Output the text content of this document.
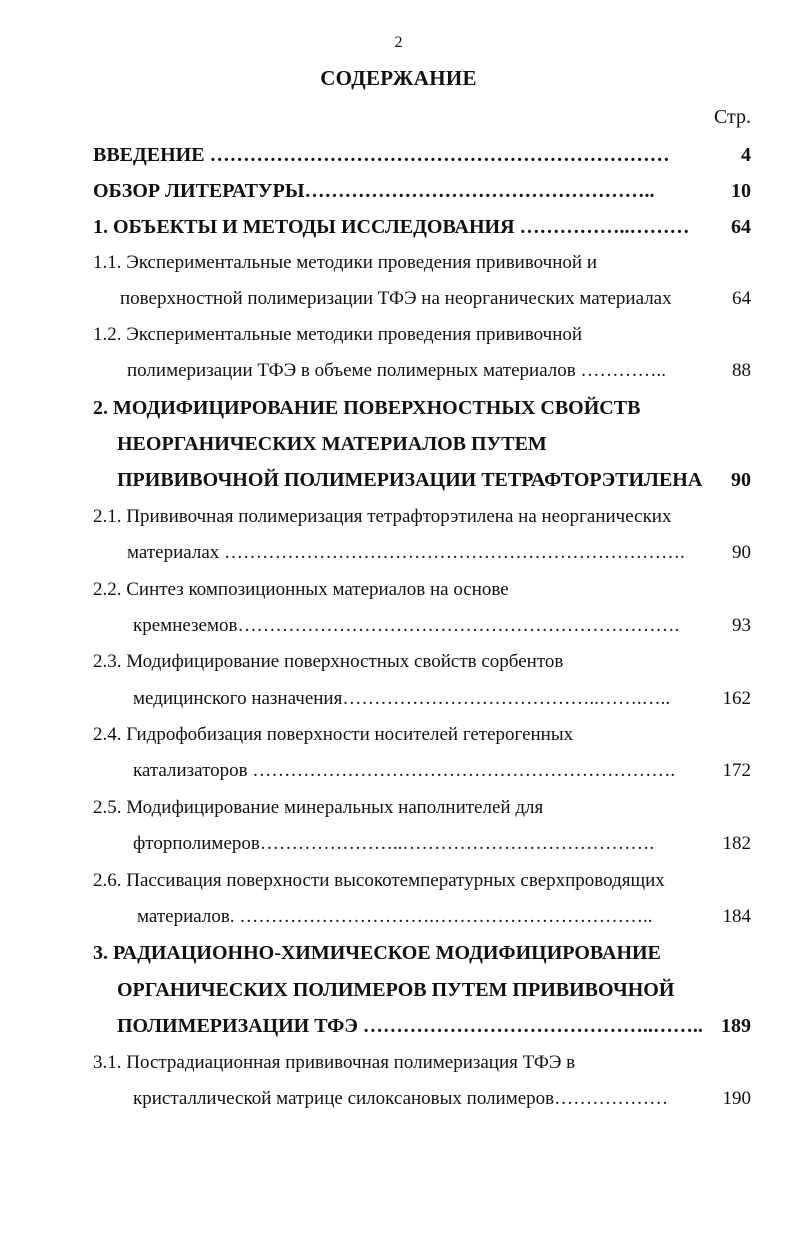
2
СОДЕРЖАНИЕ
Стр.
ВВЕДЕНИЕ ……………………………………………………………	4
ОБЗОР ЛИТЕРАТУРЫ……………………………………………..	10
1. ОБЪЕКТЫ И МЕТОДЫ ИССЛЕДОВАНИЯ ……………..……… 64
1.1. Экспериментальные методики проведения прививочной и
поверхностной полимеризации ТФЭ на неорганических материалах	64
1.2. Экспериментальные методики проведения прививочной
полимеризации ТФЭ в объеме полимерных материалов …………..	88
2. МОДИФИЦИРОВАНИЕ ПОВЕРХНОСТНЫХ СВОЙСТВ
НЕОРГАНИЧЕСКИХ МАТЕРИАЛОВ ПУТЕМ
ПРИВИВОЧНОЙ ПОЛИМЕРИЗАЦИИ ТЕТРАФТОРЭТИЛЕНА 90
2.1. Прививочная полимеризация тетрафторэтилена на неорганических
материалах ………………………………………………………………. 90
2.2. Синтез композиционных материалов на основе
кремнеземов…………………………………………………………….	93
2.3. Модифицирование поверхностных свойств сорбентов
медицинского назначения…………………………………..…….…..	162
2.4. Гидрофобизация поверхности носителей гетерогенных
катализаторов …………………………………………………………. 172
2.5. Модифицирование минеральных наполнителей для
фторполимеров…………………..………………………………….	182
2.6. Пассивация поверхности высокотемпературных сверхпроводящих
материалов. ………………………….……………………………..	184
3. РАДИАЦИОННО-ХИМИЧЕСКОЕ МОДИФИЦИРОВАНИЕ
ОРГАНИЧЕСКИХ ПОЛИМЕРОВ ПУТЕМ ПРИВИВОЧНОЙ
ПОЛИМЕРИЗАЦИИ ТФЭ ……………………………………..…….. 189
3.1. Пострадиационная прививочная полимеризация ТФЭ в
кристаллической матрице силоксановых полимеров………………	190
